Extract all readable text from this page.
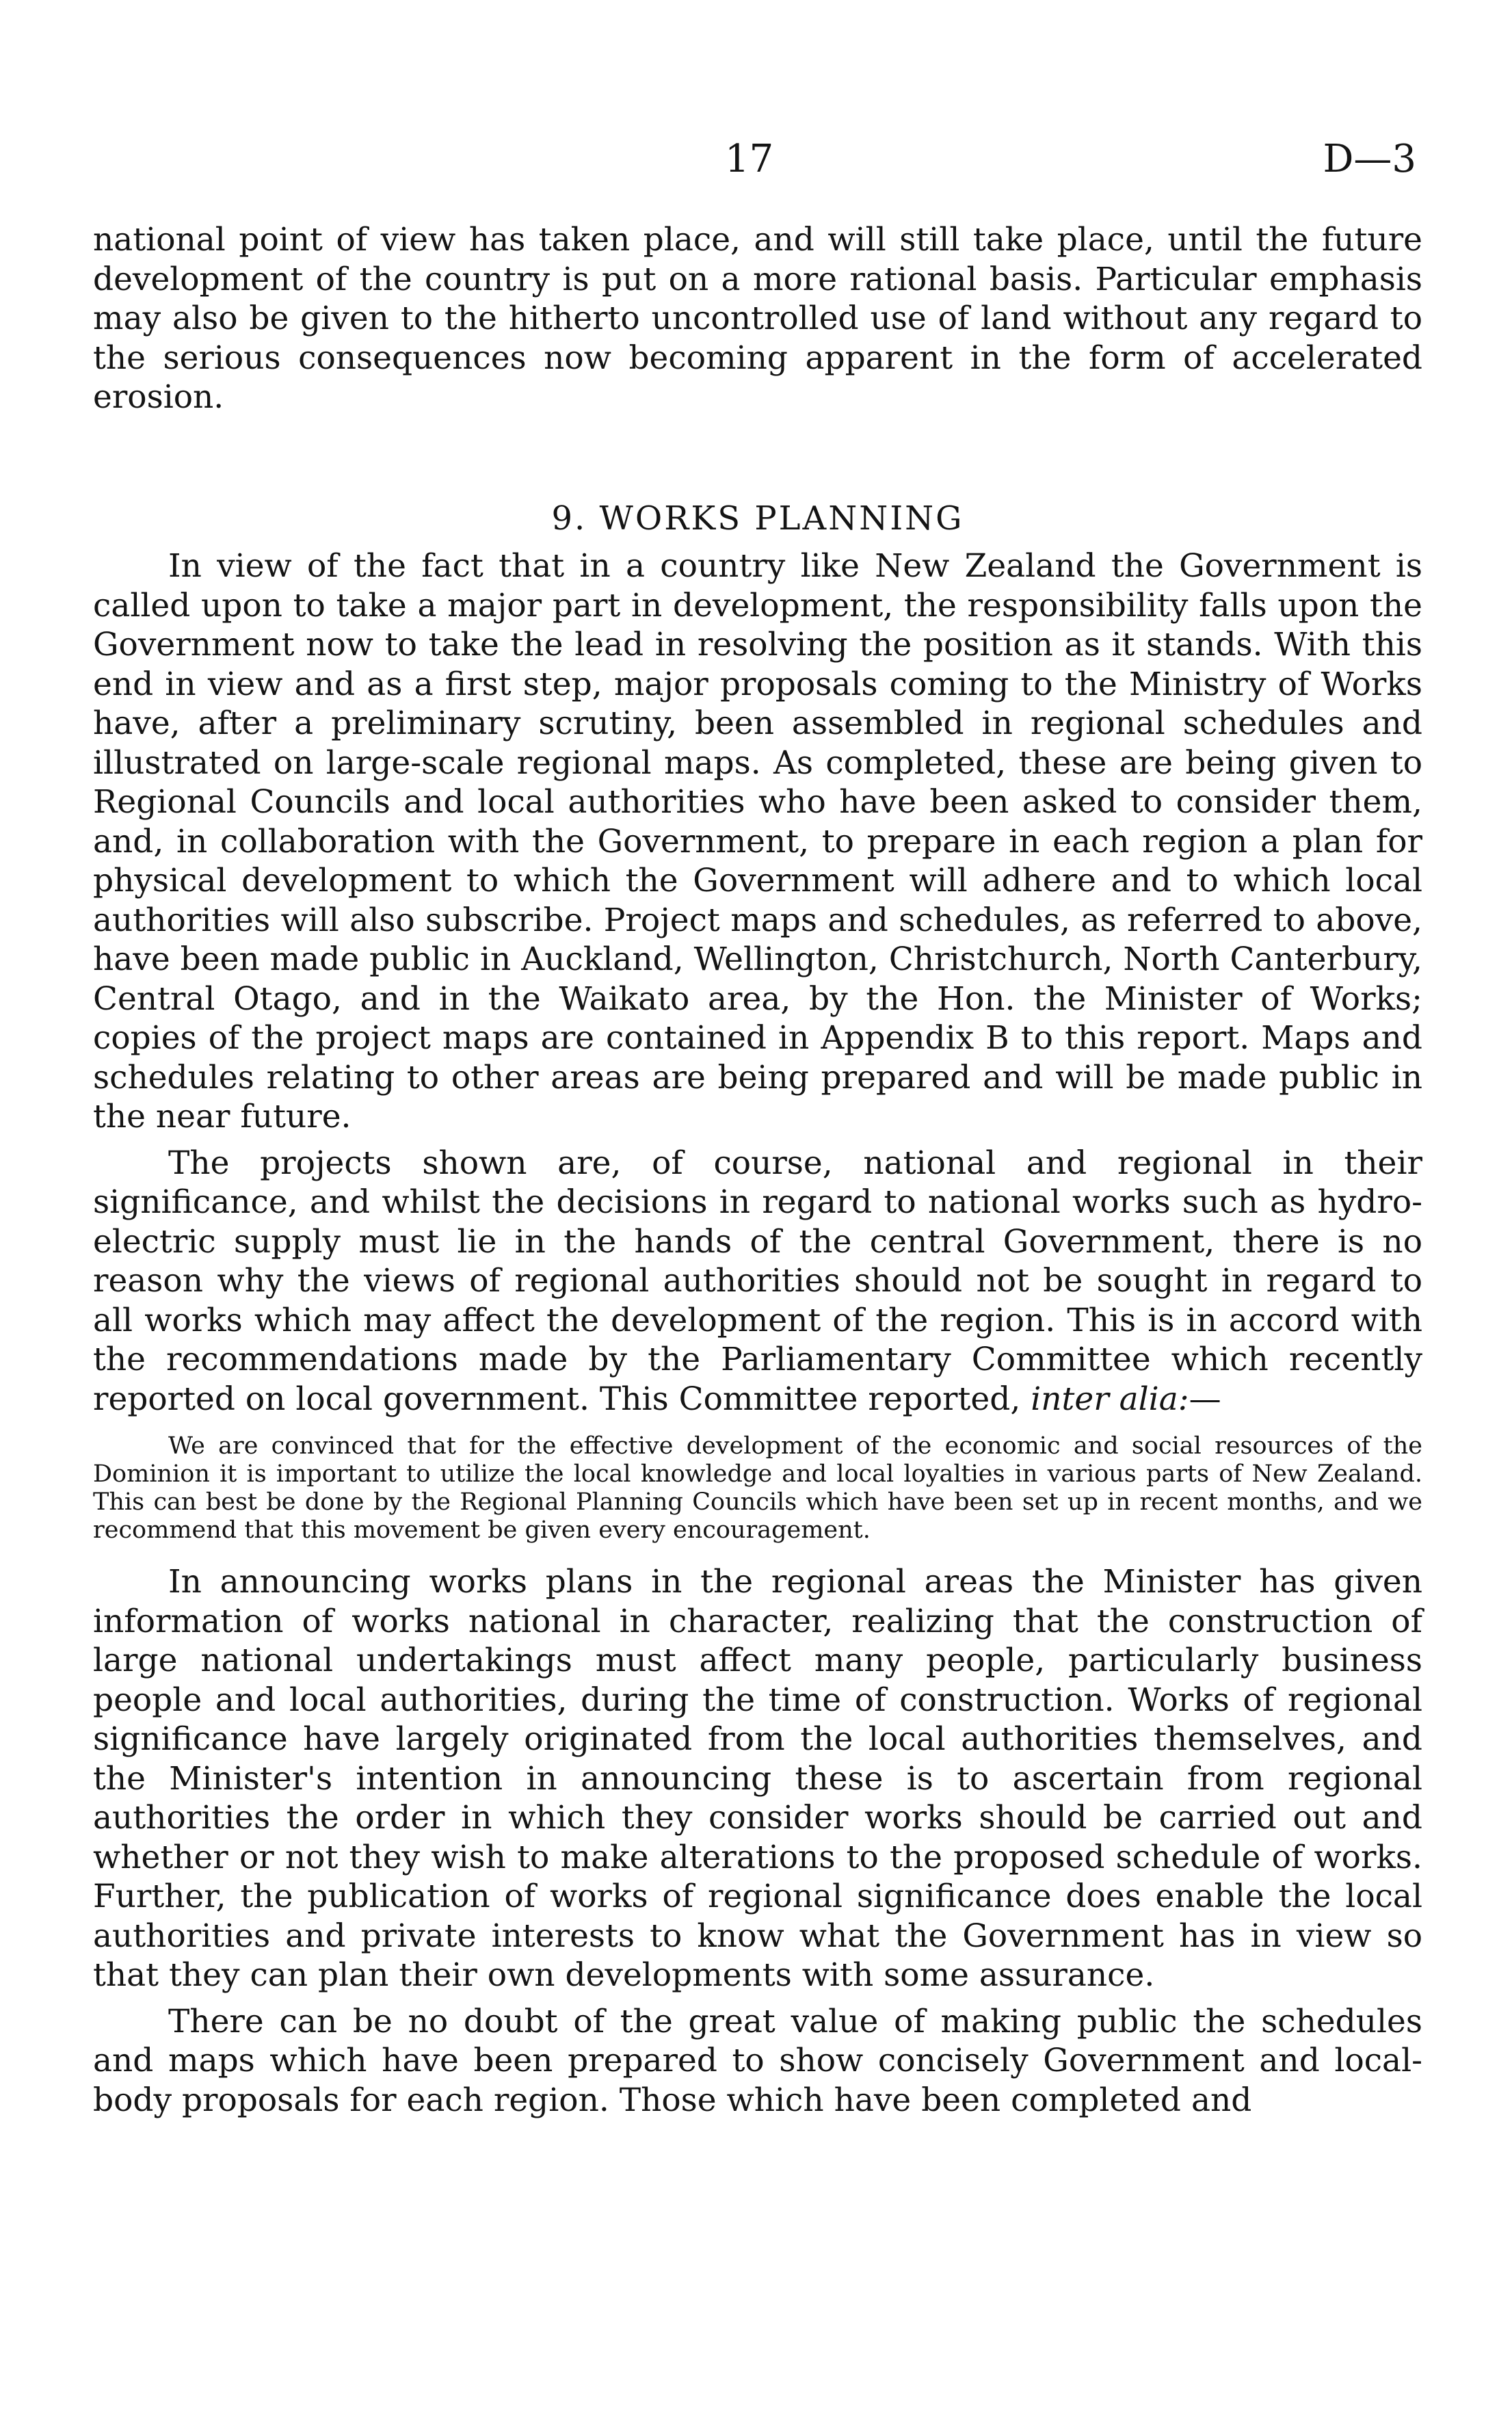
17	D—3

national point of view has taken place, and will still take place, until the future development of the country is put on a more rational basis. Particular emphasis may also be given to the hitherto uncontrolled use of land without any regard to the serious consequences now becoming apparent in the form of accelerated erosion.

9. WORKS PLANNING

In view of the fact that in a country like New Zealand the Government is called upon to take a major part in development, the responsibility falls upon the Government now to take the lead in resolving the position as it stands. With this end in view and as a first step, major proposals coming to the Ministry of Works have, after a preliminary scrutiny, been assembled in regional schedules and illustrated on large-scale regional maps. As completed, these are being given to Regional Councils and local authorities who have been asked to consider them, and, in collaboration with the Government, to prepare in each region a plan for physical development to which the Government will adhere and to which local authorities will also subscribe. Project maps and schedules, as referred to above, have been made public in Auckland, Wellington, Christchurch, North Canterbury, Central Otago, and in the Waikato area, by the Hon. the Minister of Works; copies of the project maps are contained in Appendix B to this report. Maps and schedules relating to other areas are being prepared and will be made public in the near future.

The projects shown are, of course, national and regional in their significance, and whilst the decisions in regard to national works such as hydro-electric supply must lie in the hands of the central Government, there is no reason why the views of regional authorities should not be sought in regard to all works which may affect the development of the region. This is in accord with the recommendations made by the Parliamentary Committee which recently reported on local government. This Committee reported, inter alia:—

We are convinced that for the effective development of the economic and social resources of the Dominion it is important to utilize the local knowledge and local loyalties in various parts of New Zealand. This can best be done by the Regional Planning Councils which have been set up in recent months, and we recommend that this movement be given every encouragement.

In announcing works plans in the regional areas the Minister has given information of works national in character, realizing that the construction of large national undertakings must affect many people, particularly business people and local authorities, during the time of construction. Works of regional significance have largely originated from the local authorities themselves, and the Minister's intention in announcing these is to ascertain from regional authorities the order in which they consider works should be carried out and whether or not they wish to make alterations to the proposed schedule of works. Further, the publication of works of regional significance does enable the local authorities and private interests to know what the Government has in view so that they can plan their own developments with some assurance.

There can be no doubt of the great value of making public the schedules and maps which have been prepared to show concisely Government and local-body proposals for each region. Those which have been completed and
